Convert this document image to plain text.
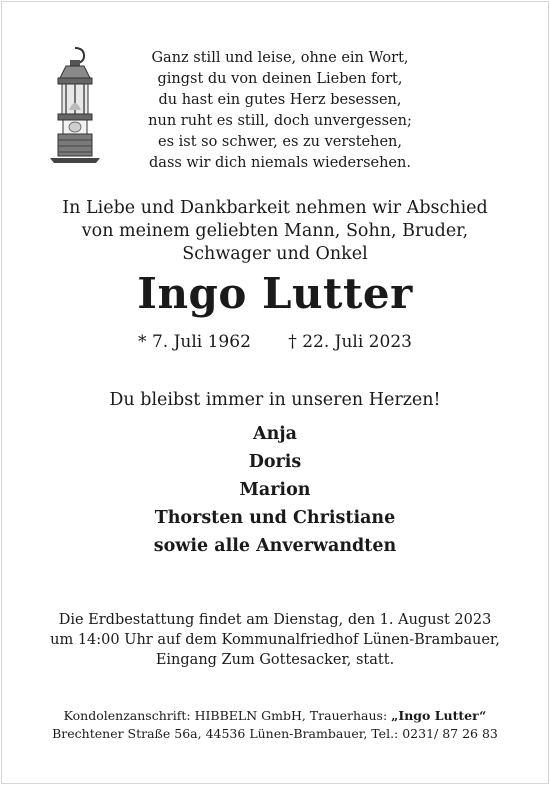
Ganz still und leise, ohne ein Wort,
gingst du von deinen Lieben fort,
du hast ein gutes Herz besessen,
nun ruht es still, doch unvergessen;
es ist so schwer, es zu verstehen,
dass wir dich niemals wiedersehen.
In Liebe und Dankbarkeit nehmen wir Abschied
von meinem geliebten Mann, Sohn, Bruder,
Schwager und Onkel
Ingo Lutter
* 7. Juli 1962 † 22. Juli 2023
Du bleibst immer in unseren Herzen!
Anja
Doris
Marion
Thorsten und Christiane
sowie alle Anverwandten
Die Erdbestattung findet am Dienstag, den 1. August 2023
um 14:00 Uhr auf dem Kommunalfriedhof Lünen-Brambauer,
Eingang Zum Gottesacker, statt.
Kondolenzanschrift: HIBBELN GmbH, Trauerhaus: „Ingo Lutter“
Brechtener Straße 56a, 44536 Lünen-Brambauer, Tel.: 0231/ 87 26 83
